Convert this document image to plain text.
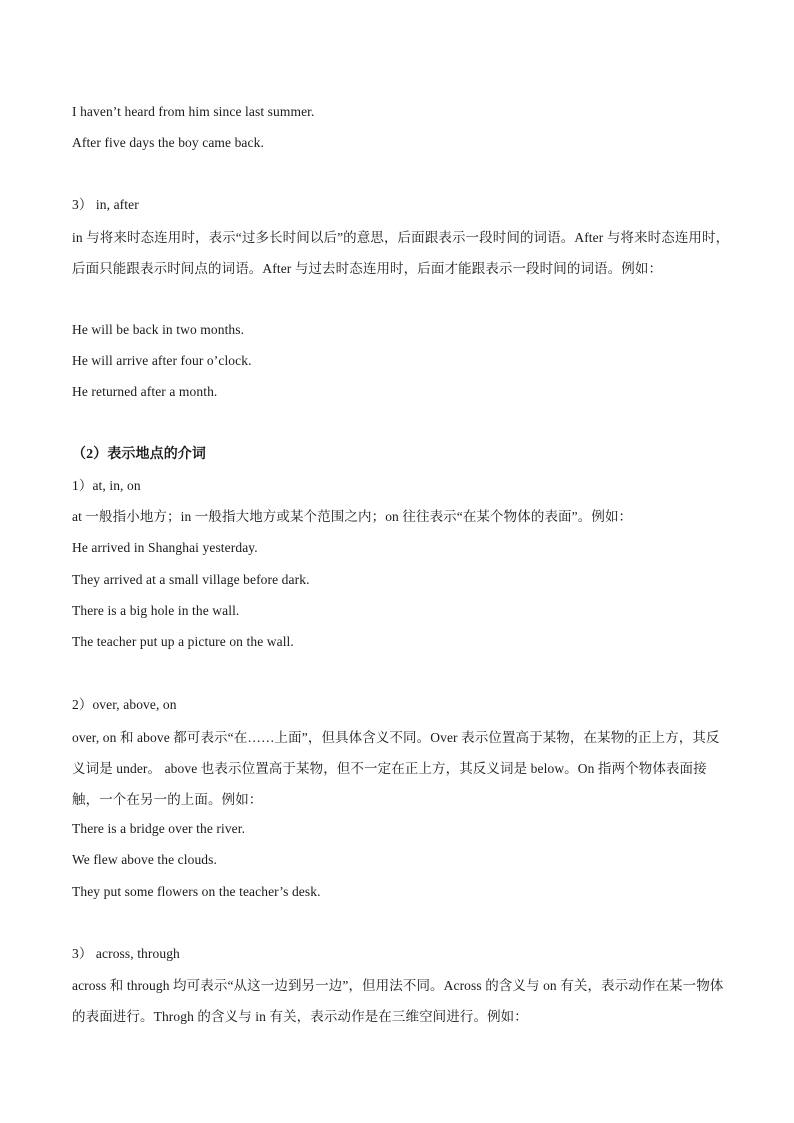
I haven’t heard from him since last summer.
After five days the boy came back.
3） in, after
in 与将来时态连用时，表示“过多长时间以后”的意思，后面跟表示一段时间的词语。After 与将来时态连用时，后面只能跟表示时间点的词语。After 与过去时态连用时，后面才能跟表示一段时间的词语。例如：
He will be back in two months.
He will arrive after four o’clock.
He returned after a month.
（2）表示地点的介词
1）at, in, on
at 一般指小地方；in 一般指大地方或某个范围之内；on 往往表示“在某个物体的表面”。例如：
He arrived in Shanghai yesterday.
They arrived at a small village before dark.
There is a big hole in the wall.
The teacher put up a picture on the wall.
2）over, above, on
over, on 和 above 都可表示“在……上面”，但具体含义不同。Over 表示位置高于某物，在某物的正上方，其反义词是 under。 above 也表示位置高于某物，但不一定在正上方，其反义词是 below。On 指两个物体表面接触，一个在另一的上面。例如：
There is a bridge over the river.
We flew above the clouds.
They put some flowers on the teacher’s desk.
3） across, through
across 和 through 均可表示“从这一边到另一边”，但用法不同。Across 的含义与 on 有关，表示动作在某一物体的表面进行。Throgh 的含义与 in 有关，表示动作是在三维空间进行。例如：
